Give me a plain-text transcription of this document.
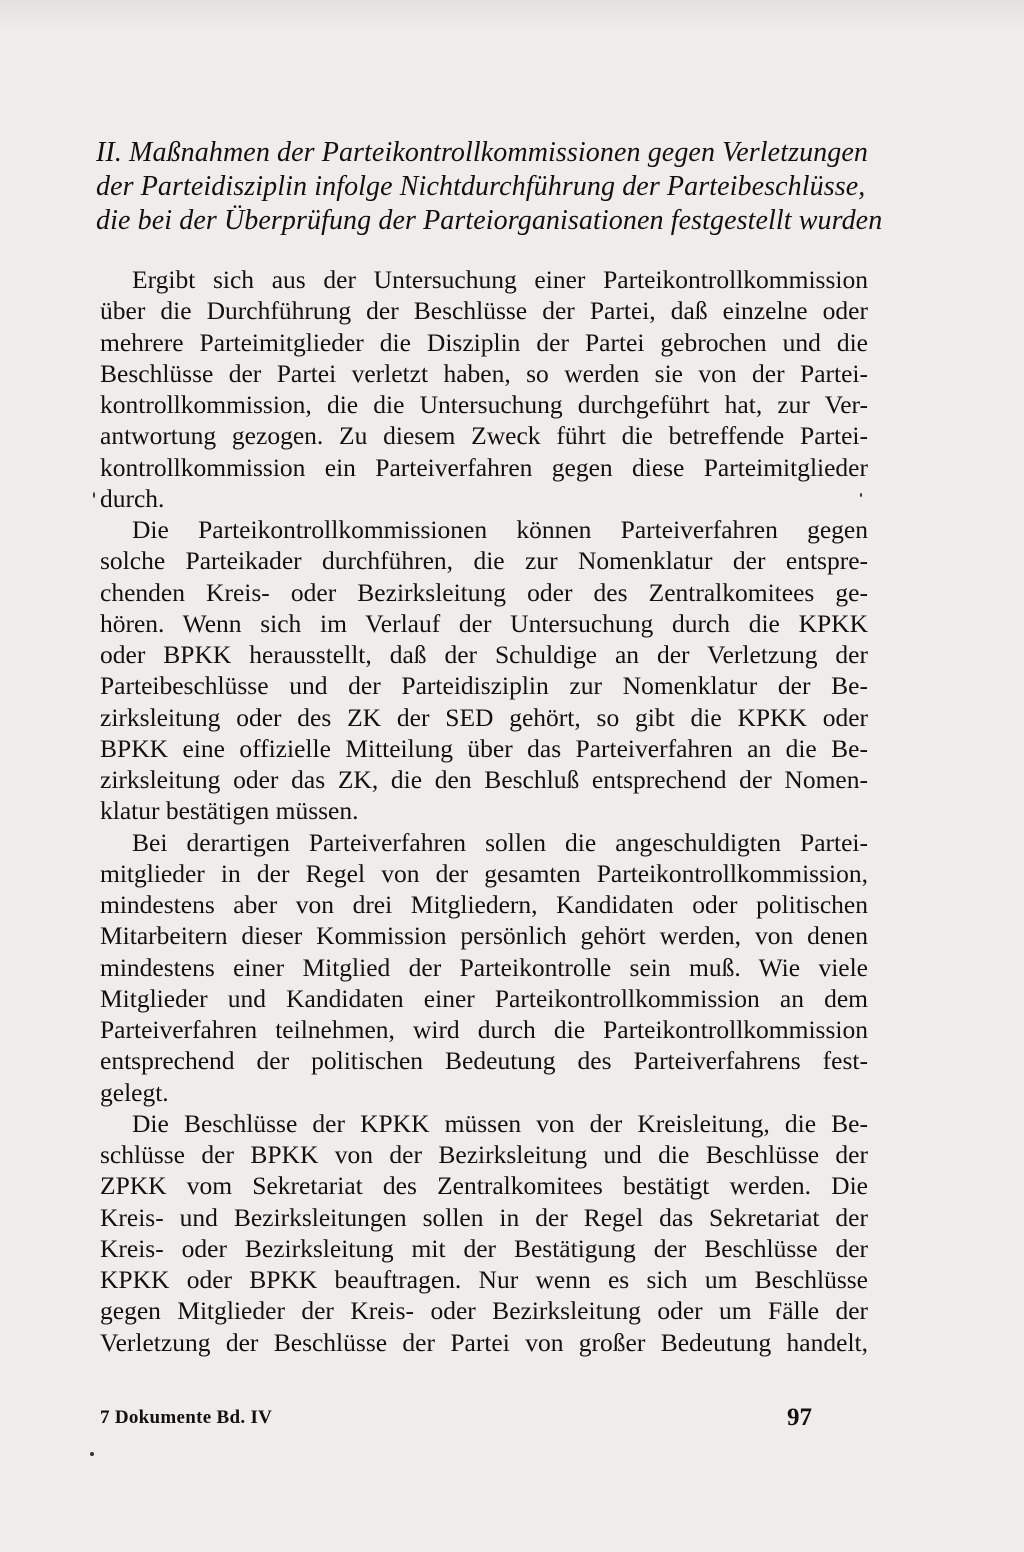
II. Maßnahmen der Parteikontrollkommissionen gegen Verletzungen
der Parteidisziplin infolge Nichtdurchführung der Parteibeschlüsse,
die bei der Überprüfung der Parteiorganisationen festgestellt wurden
Ergibt sich aus der Untersuchung einer Parteikontrollkommission
über die Durchführung der Beschlüsse der Partei, daß einzelne oder
mehrere Parteimitglieder die Disziplin der Partei gebrochen und die
Beschlüsse der Partei verletzt haben, so werden sie von der Partei-
kontrollkommission, die die Untersuchung durchgeführt hat, zur Ver-
antwortung gezogen. Zu diesem Zweck führt die betreffende Partei-
kontrollkommission ein Parteiverfahren gegen diese Parteimitglieder
durch.
Die Parteikontrollkommissionen können Parteiverfahren gegen
solche Parteikader durchführen, die zur Nomenklatur der entspre-
chenden Kreis- oder Bezirksleitung oder des Zentralkomitees ge-
hören. Wenn sich im Verlauf der Untersuchung durch die KPKK
oder BPKK herausstellt, daß der Schuldige an der Verletzung der
Parteibeschlüsse und der Parteidisziplin zur Nomenklatur der Be-
zirksleitung oder des ZK der SED gehört, so gibt die KPKK oder
BPKK eine offizielle Mitteilung über das Parteiverfahren an die Be-
zirksleitung oder das ZK, die den Beschluß entsprechend der Nomen-
klatur bestätigen müssen.
Bei derartigen Parteiverfahren sollen die angeschuldigten Partei-
mitglieder in der Regel von der gesamten Parteikontrollkommission,
mindestens aber von drei Mitgliedern, Kandidaten oder politischen
Mitarbeitern dieser Kommission persönlich gehört werden, von denen
mindestens einer Mitglied der Parteikontrolle sein muß. Wie viele
Mitglieder und Kandidaten einer Parteikontrollkommission an dem
Parteiverfahren teilnehmen, wird durch die Parteikontrollkommission
entsprechend der politischen Bedeutung des Parteiverfahrens fest-
gelegt.
Die Beschlüsse der KPKK müssen von der Kreisleitung, die Be-
schlüsse der BPKK von der Bezirksleitung und die Beschlüsse der
ZPKK vom Sekretariat des Zentralkomitees bestätigt werden. Die
Kreis- und Bezirksleitungen sollen in der Regel das Sekretariat der
Kreis- oder Bezirksleitung mit der Bestätigung der Beschlüsse der
KPKK oder BPKK beauftragen. Nur wenn es sich um Beschlüsse
gegen Mitglieder der Kreis- oder Bezirksleitung oder um Fälle der
Verletzung der Beschlüsse der Partei von großer Bedeutung handelt,
7 Dokumente Bd. IV	97
